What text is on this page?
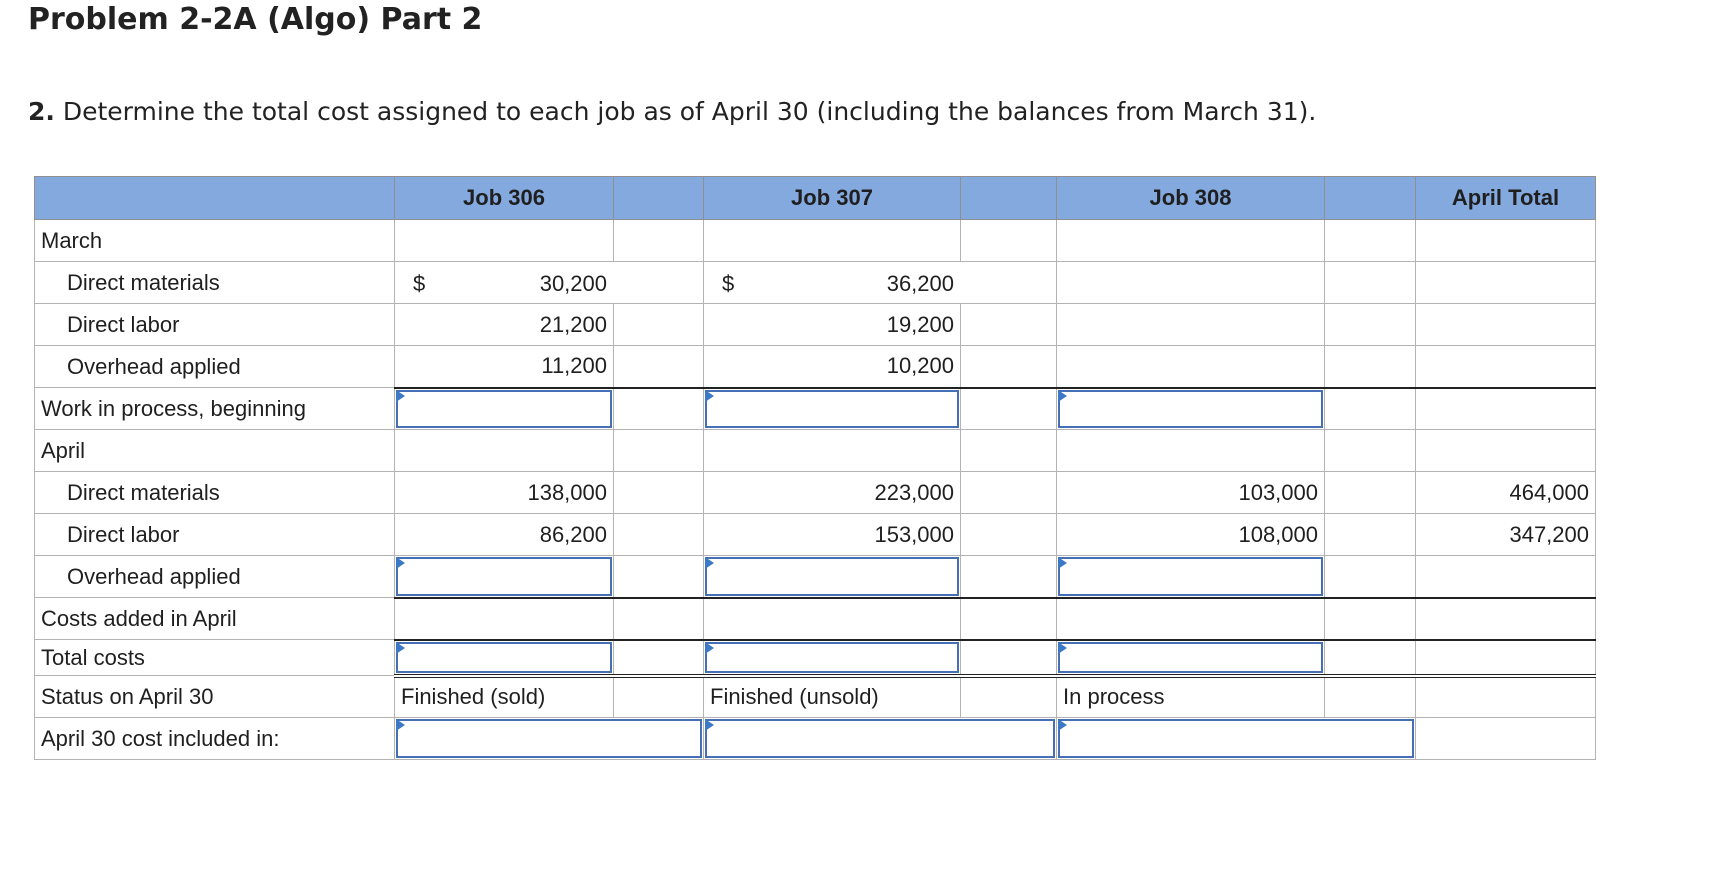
Problem 2-2A (Algo) Part 2

2. Determine the total cost assigned to each job as of April 30 (including the balances from March 31).

	Job 306		Job 307		Job 308		April Total
March							
Direct materials	$ 30,200		$ 36,200				

Direct labor	21,200		19,200				
Overhead applied	11,200		10,200				
Work in process, beginning	

April							
Direct materials	138,000		223,000		103,000		464,000
Direct labor	86,200		153,000		108,000		347,200
Overhead applied	

Costs added in April							
Total costs	

Status on April 30	Finished (sold)		Finished (unsold)		In process		
April 30 cost included in:				
